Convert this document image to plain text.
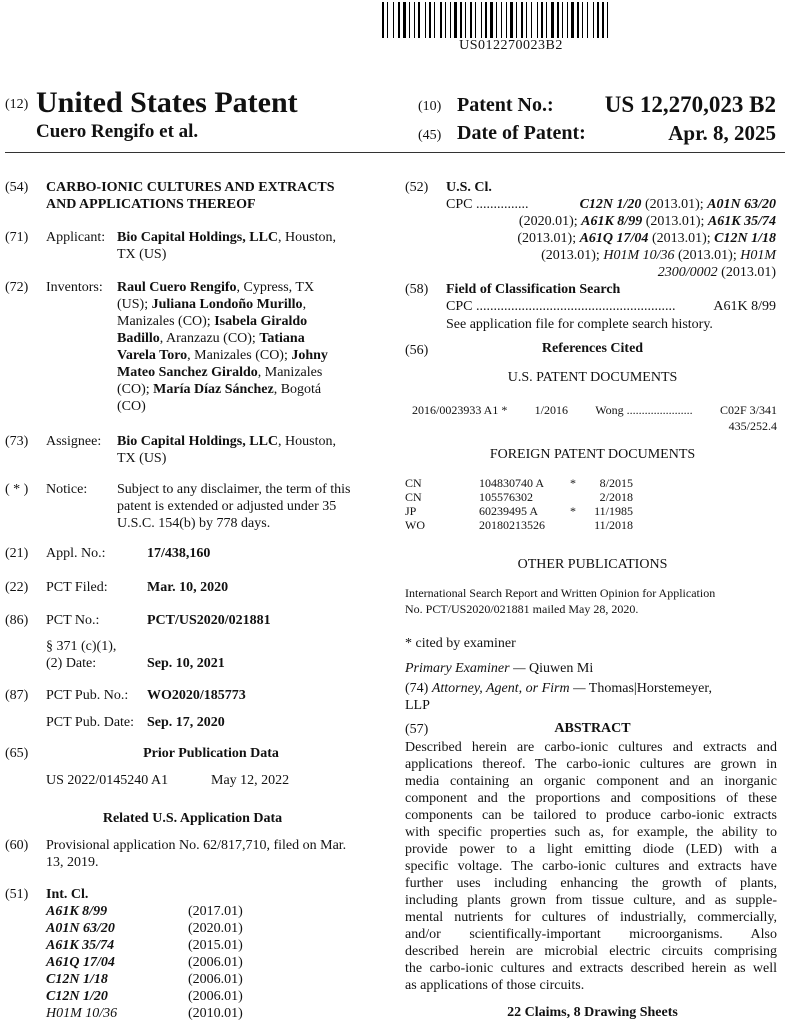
US012270023B2
(12) United States Patent
Cuero Rengifo et al.
(10) Patent No.:	US 12,270,023 B2
(45) Date of Patent:	Apr. 8, 2025
(54) CARBO-IONIC CULTURES AND EXTRACTS
AND APPLICATIONS THEREOF
(71) Applicant: Bio Capital Holdings, LLC, Houston,
TX (US)
(72) Inventors: Raul Cuero Rengifo, Cypress, TX
(US); Juliana Londoño Murillo,
Manizales (CO); Isabela Giraldo
Badillo, Aranzazu (CO); Tatiana
Varela Toro, Manizales (CO); Johny
Mateo Sanchez Giraldo, Manizales
(CO); María Díaz Sánchez, Bogotá
(CO)
(73) Assignee: Bio Capital Holdings, LLC, Houston,
TX (US)
( * ) Notice: Subject to any disclaimer, the term of this
patent is extended or adjusted under 35
U.S.C. 154(b) by 778 days.
(21) Appl. No.:	17/438,160
(22) PCT Filed:	Mar. 10, 2020
(86) PCT No.:	PCT/US2020/021881
§ 371 (c)(1),
(2) Date:	Sep. 10, 2021
(87) PCT Pub. No.: WO2020/185773
PCT Pub. Date: Sep. 17, 2020
(65)	Prior Publication Data
US 2022/0145240 A1	May 12, 2022
Related U.S. Application Data
(60) Provisional application No. 62/817,710, filed on Mar.
13, 2019.
(51) Int. Cl.
A61K 8/99	(2017.01)
A01N 63/20	(2020.01)
A61K 35/74	(2015.01)
A61Q 17/04	(2006.01)
C12N 1/18	(2006.01)
C12N 1/20	(2006.01)
H01M 10/36	(2010.01)
(52) U.S. Cl.
CPC ...............	C12N 1/20 (2013.01); A01N 63/20
(2020.01); A61K 8/99 (2013.01); A61K 35/74
(2013.01); A61Q 17/04 (2013.01); C12N 1/18
(2013.01); H01M 10/36 (2013.01); H01M
2300/0002 (2013.01)
(58) Field of Classification Search
CPC .........................................................	A61K 8/99
See application file for complete search history.
(56)	References Cited
U.S. PATENT DOCUMENTS
2016/0023933 A1 * 1/2016 Wong ...................... C02F 3/341
435/252.4
FOREIGN PATENT DOCUMENTS
CN	104830740 A	*	8/2015
CN	105576302	2/2018
JP	60239495 A	*	11/1985
WO	20180213526	11/2018
OTHER PUBLICATIONS
International Search Report and Written Opinion for Application
No. PCT/US2020/021881 mailed May 28, 2020.
* cited by examiner
Primary Examiner — Qiuwen Mi
(74) Attorney, Agent, or Firm — Thomas|Horstemeyer,
LLP
(57)	ABSTRACT
Described herein are carbo-ionic cultures and extracts and
applications thereof. The carbo-ionic cultures are grown in
media containing an organic component and an inorganic
component and the proportions and compositions of these
components can be tailored to produce carbo-ionic extracts
with specific properties such as, for example, the ability to
provide power to a light emitting diode (LED) with a
specific voltage. The carbo-ionic cultures and extracts have
further uses including enhancing the growth of plants,
including plants grown from tissue culture, and as supple-
mental nutrients for cultures of industrially, commercially,
and/or scientifically-important microorganisms. Also
described herein are microbial electric circuits comprising
the carbo-ionic cultures and extracts described herein as well
as applications of those circuits.
22 Claims, 8 Drawing Sheets
